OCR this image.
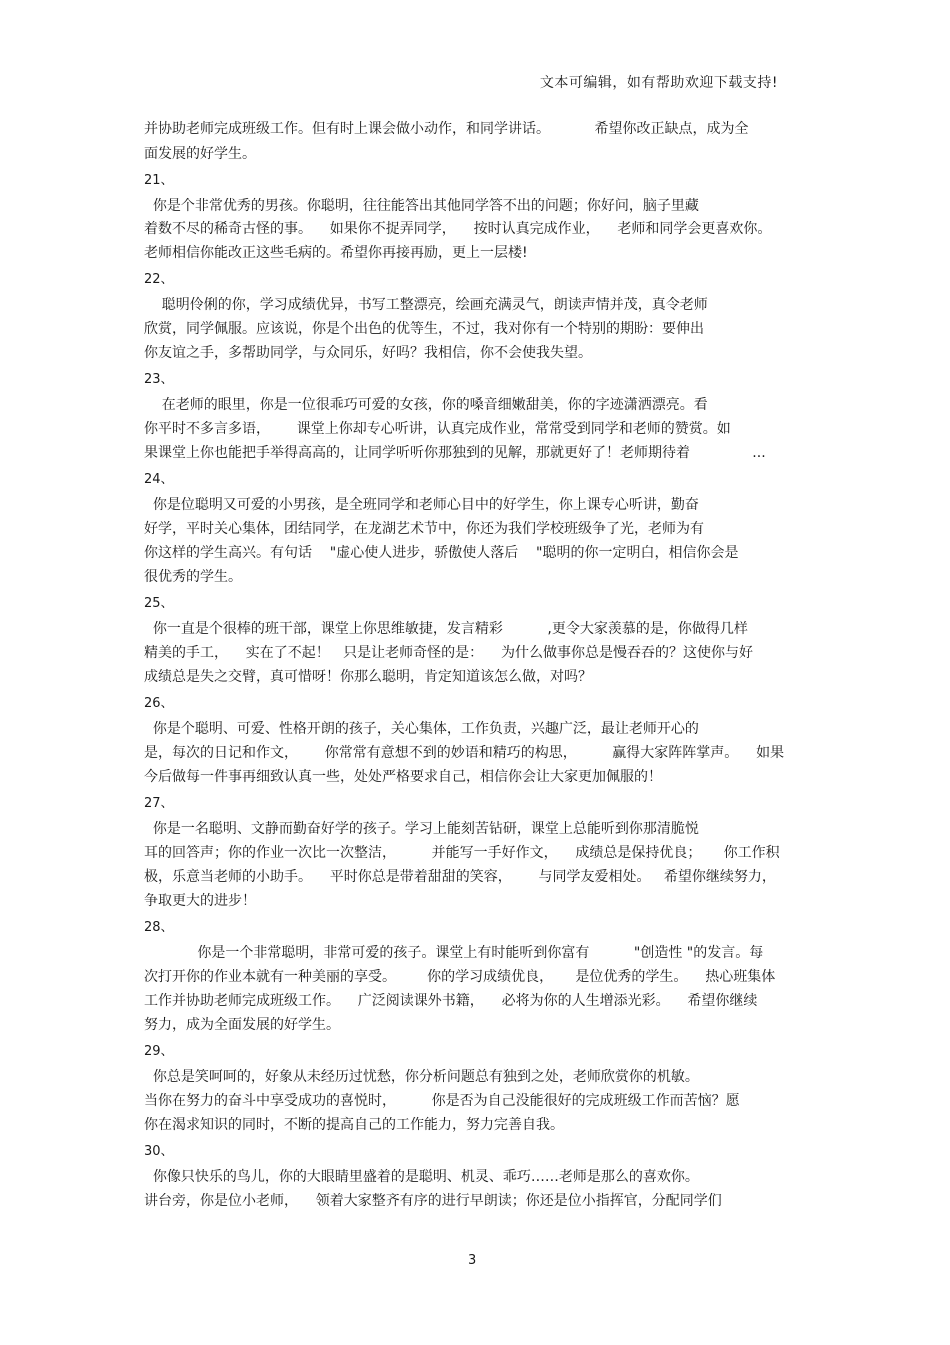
文本可编辑，如有帮助欢迎下载支持!
并协助老师完成班级工作。但有时上课会做小动作，和同学讲话。          希望你改正缺点，成为全
面发展的好学生。
21、
你是个非常优秀的男孩。你聪明，往往能答出其他同学答不出的问题；你好问，脑子里藏
着数不尽的稀奇古怪的事。    如果你不捉弄同学，    按时认真完成作业，    老师和同学会更喜欢你。
老师相信你能改正这些毛病的。希望你再接再励，更上一层楼!
22、
聪明伶俐的你，学习成绩优异，书写工整漂亮，绘画充满灵气，朗读声情并茂，真令老师
欣赏，同学佩服。应该说，你是个出色的优等生，不过，我对你有一个特别的期盼：要伸出
你友谊之手，多帮助同学，与众同乐，好吗？我相信，你不会使我失望。
23、
在老师的眼里，你是一位很乖巧可爱的女孩，你的嗓音细嫩甜美，你的字迹潇洒漂亮。看
你平时不多言多语，      课堂上你却专心听讲，认真完成作业，常常受到同学和老师的赞赏。如
果课堂上你也能把手举得高高的，让同学听听你那独到的见解，那就更好了！老师期待着              ...
24、
你是位聪明又可爱的小男孩，是全班同学和老师心目中的好学生，你上课专心听讲，勤奋
好学，平时关心集体，团结同学，在龙湖艺术节中，你还为我们学校班级争了光，老师为有
你这样的学生高兴。有句话    "虚心使人进步，骄傲使人落后    "聪明的你一定明白，相信你会是
很优秀的学生。
25、
你一直是个很棒的班干部，课堂上你思维敏捷，发言精彩          ,更令大家羡慕的是，你做得几样
精美的手工，    实在了不起！   只是让老师奇怪的是：    为什么做事你总是慢吞吞的？这使你与好
成绩总是失之交臂，真可惜呀！你那么聪明，肯定知道该怎么做，对吗？
26、
你是个聪明、可爱、性格开朗的孩子，关心集体，工作负责，兴趣广泛，最让老师开心的
是，每次的日记和作文，      你常常有意想不到的妙语和精巧的构思，        赢得大家阵阵掌声。    如果
今后做每一件事再细致认真一些，处处严格要求自己，相信你会让大家更加佩服的！
27、
你是一名聪明、文静而勤奋好学的孩子。学习上能刻苦钻研，课堂上总能听到你那清脆悦
耳的回答声；你的作业一次比一次整洁，        并能写一手好作文，    成绩总是保持优良；     你工作积
极，乐意当老师的小助手。    平时你总是带着甜甜的笑容，      与同学友爱相处。   希望你继续努力，
争取更大的进步！
28、
你是一个非常聪明，非常可爱的孩子。课堂上有时能听到你富有          "创造性 "的发言。每
次打开你的作业本就有一种美丽的享受。       你的学习成绩优良，     是位优秀的学生。    热心班集体
工作并协助老师完成班级工作。    广泛阅读课外书籍，    必将为你的人生增添光彩。    希望你继续
努力，成为全面发展的好学生。
29、
你总是笑呵呵的，好象从未经历过忧愁，你分析问题总有独到之处，老师欣赏你的机敏。
当你在努力的奋斗中享受成功的喜悦时，        你是否为自己没能很好的完成班级工作而苦恼？愿
你在渴求知识的同时，不断的提高自己的工作能力，努力完善自我。
30、
你像只快乐的鸟儿，你的大眼睛里盛着的是聪明、机灵、乖巧……老师是那么的喜欢你。
讲台旁，你是位小老师，    领着大家整齐有序的进行早朗读；你还是位小指挥官，分配同学们
3
